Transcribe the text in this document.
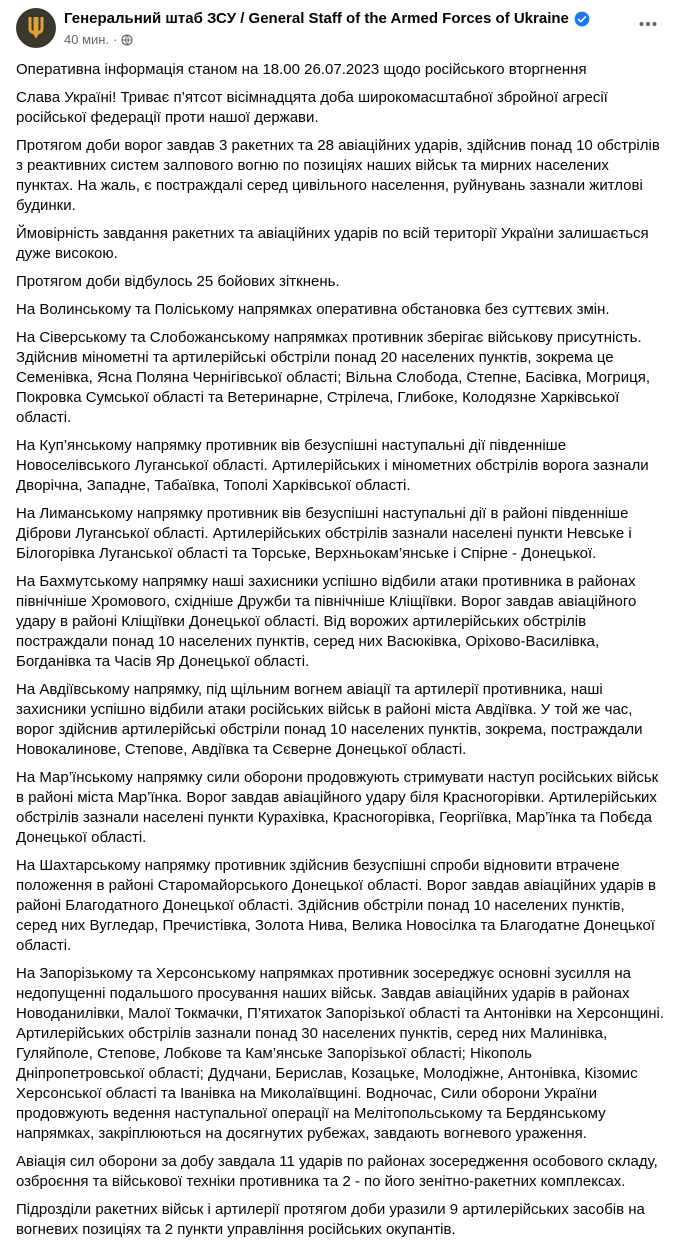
Генеральний штаб ЗСУ / General Staff of the Armed Forces of Ukraine
40 мин. ·

Оперативна інформація станом на 18.00 26.07.2023 щодо російського вторгнення

Слава Україні! Триває п’ятсот вісімнадцята доба широкомасштабної збройної агресії російської федерації проти нашої держави.

Протягом доби ворог завдав 3 ракетних та 28 авіаційних ударів, здійснив понад 10 обстрілів з реактивних систем залпового вогню по позиціях наших військ та мирних населених пунктах. На жаль, є постраждалі серед цивільного населення, руйнувань зазнали житлові будинки.

Ймовірність завдання ракетних та авіаційних ударів по всій території України залишається дуже високою.

Протягом доби відбулось 25 бойових зіткнень.

На Волинському та Поліському напрямках оперативна обстановка без суттєвих змін.

На Сіверському та Слобожанському напрямках противник зберігає військову присутність. Здійснив мінометні та артилерійські обстріли понад 20 населених пунктів, зокрема це Семенівка, Ясна Поляна Чернігівської області; Вільна Слобода, Степне, Басівка, Могриця, Покровка Сумської області та Ветеринарне, Стрілеча, Глибоке, Колодязне Харківської області.

На Куп’янському напрямку противник вів безуспішні наступальні дії південніше Новоселівського Луганської області. Артилерійських і мінометних обстрілів ворога зазнали Дворічна, Западне, Табаївка, Тополі Харківської області.

На Лиманському напрямку противник вів безуспішні наступальні дії в районі південніше Діброви Луганської області. Артилерійських обстрілів зазнали населені пункти Невське і Білогорівка Луганської області та Торське, Верхньокам’янське і Спірне - Донецької.

На Бахмутському напрямку наші захисники успішно відбили атаки противника в районах північніше Хромового, східніше Дружби та північніше Кліщіївки. Ворог завдав авіаційного удару в районі Кліщіївки Донецької області. Від ворожих артилерійських обстрілів постраждали понад 10 населених пунктів, серед них Васюківка, Оріхово-Василівка, Богданівка та Часів Яр Донецької області.

На Авдіївському напрямку, під щільним вогнем авіації та артилерії противника, наші захисники успішно відбили атаки російських військ в районі міста Авдіївка. У той же час, ворог здійснив артилерійські обстріли понад 10 населених пунктів, зокрема, постраждали Новокалинове, Степове, Авдіївка та Сєверне Донецької області.

На Мар’їнському напрямку сили оборони продовжують стримувати наступ російських військ в районі міста Мар’їнка. Ворог завдав авіаційного удару біля Красногорівки. Артилерійських обстрілів зазнали населені пункти Курахівка, Красногорівка, Георгіївка, Мар’їнка та Побєда Донецької області.

На Шахтарському напрямку противник здійснив безуспішні спроби відновити втрачене положення в районі Старомайорського Донецької області. Ворог завдав авіаційних ударів в районі Благодатного Донецької області. Здійснив обстріли понад 10 населених пунктів, серед них Вугледар, Пречистівка, Золота Нива, Велика Новосілка та Благодатне Донецької області.

На Запорізькому та Херсонському напрямках противник зосереджує основні зусилля на недопущенні подальшого просування наших військ. Завдав авіаційних ударів в районах Новоданилівки, Малої Токмачки, П’ятихаток Запорізької області та Антонівки на Херсонщині. Артилерійських обстрілів зазнали понад 30 населених пунктів, серед них Малинівка, Гуляйполе, Степове, Лобкове та Кам’янське Запорізької області; Нікополь Дніпропетровської області; Дудчани, Берислав, Козацьке, Молодіжне, Антонівка, Кізомис Херсонської області та Іванівка на Миколаївщині. Водночас, Сили оборони України продовжують ведення наступальної операції на Мелітопольському та Бердянському напрямках, закріплюються на досягнутих рубежах, завдають вогневого ураження.

Авіація сил оборони за добу завдала 11 ударів по районах зосередження особового складу, озброєння та військової техніки противника та 2 - по його зенітно-ракетних комплексах.

Підрозділи ракетних військ і артилерії протягом доби уразили 9 артилерійських засобів на вогневих позиціях та 2 пункти управління російських окупантів.
